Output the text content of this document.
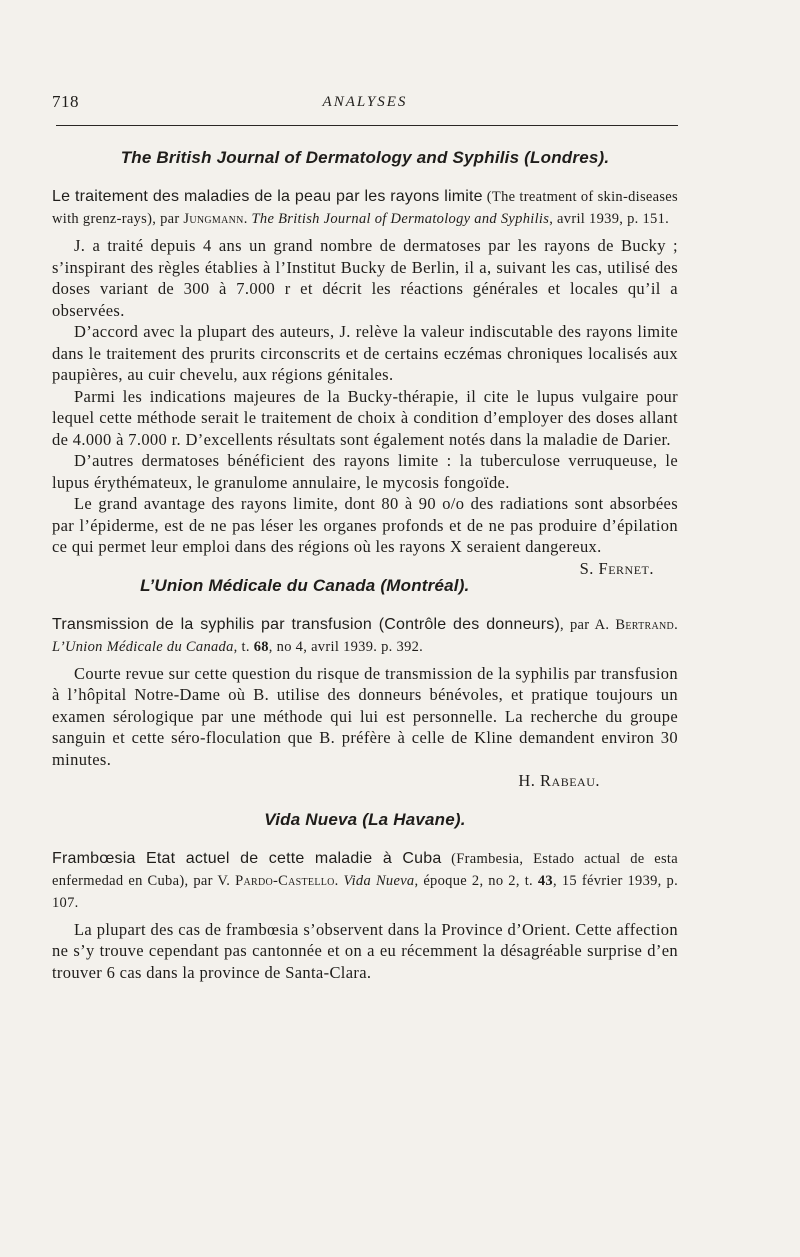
718	ANALYSES
The British Journal of Dermatology and Syphilis (Londres).
Le traitement des maladies de la peau par les rayons limite (The treatment of skin-diseases with grenz-rays), par Jungmann. The British Journal of Dermatology and Syphilis, avril 1939, p. 151.

J. a traité depuis 4 ans un grand nombre de dermatoses par les rayons de Bucky ; s’inspirant des règles établies à l’Institut Bucky de Berlin, il a, suivant les cas, utilisé des doses variant de 300 à 7.000 r et décrit les réactions générales et locales qu’il a observées.

D’accord avec la plupart des auteurs, J. relève la valeur indiscutable des rayons limite dans le traitement des prurits circonscrits et de certains eczémas chroniques localisés aux paupières, au cuir chevelu, aux régions génitales.

Parmi les indications majeures de la Bucky-thérapie, il cite le lupus vulgaire pour lequel cette méthode serait le traitement de choix à condition d’employer des doses allant de 4.000 à 7.000 r. D’excellents résultats sont également notés dans la maladie de Darier.

D’autres dermatoses bénéficient des rayons limite : la tuberculose verruqueuse, le lupus érythémateux, le granulome annulaire, le mycosis fongoïde.

Le grand avantage des rayons limite, dont 80 à 90 o/o des radiations sont absorbées par l’épiderme, est de ne pas léser les organes profonds et de ne pas produire d’épilation ce qui permet leur emploi dans des régions où les rayons X seraient dangereux.
S. Fernet.

L’Union Médicale du Canada (Montréal).
Transmission de la syphilis par transfusion (Contrôle des donneurs), par A. Bertrand. L’Union Médicale du Canada, t. 68, no 4, avril 1939. p. 392.

Courte revue sur cette question du risque de transmission de la syphilis par transfusion à l’hôpital Notre-Dame où B. utilise des donneurs bénévoles, et pratique toujours un examen sérologique par une méthode qui lui est personnelle. La recherche du groupe sanguin et cette séro-floculation que B. préfère à celle de Kline demandent environ 30 minutes.

H. Rabeau.
Vida Nueva (La Havane).
Frambœsia Etat actuel de cette maladie à Cuba (Frambesia, Estado actual de esta enfermedad en Cuba), par V. Pardo-Castello. Vida Nueva, époque 2, no 2, t. 43, 15 février 1939, p. 107.

La plupart des cas de frambœsia s’observent dans la Province d’Orient. Cette affection ne s’y trouve cependant pas cantonnée et on a eu récemment la désagréable surprise d’en trouver 6 cas dans la province de Santa-Clara.
